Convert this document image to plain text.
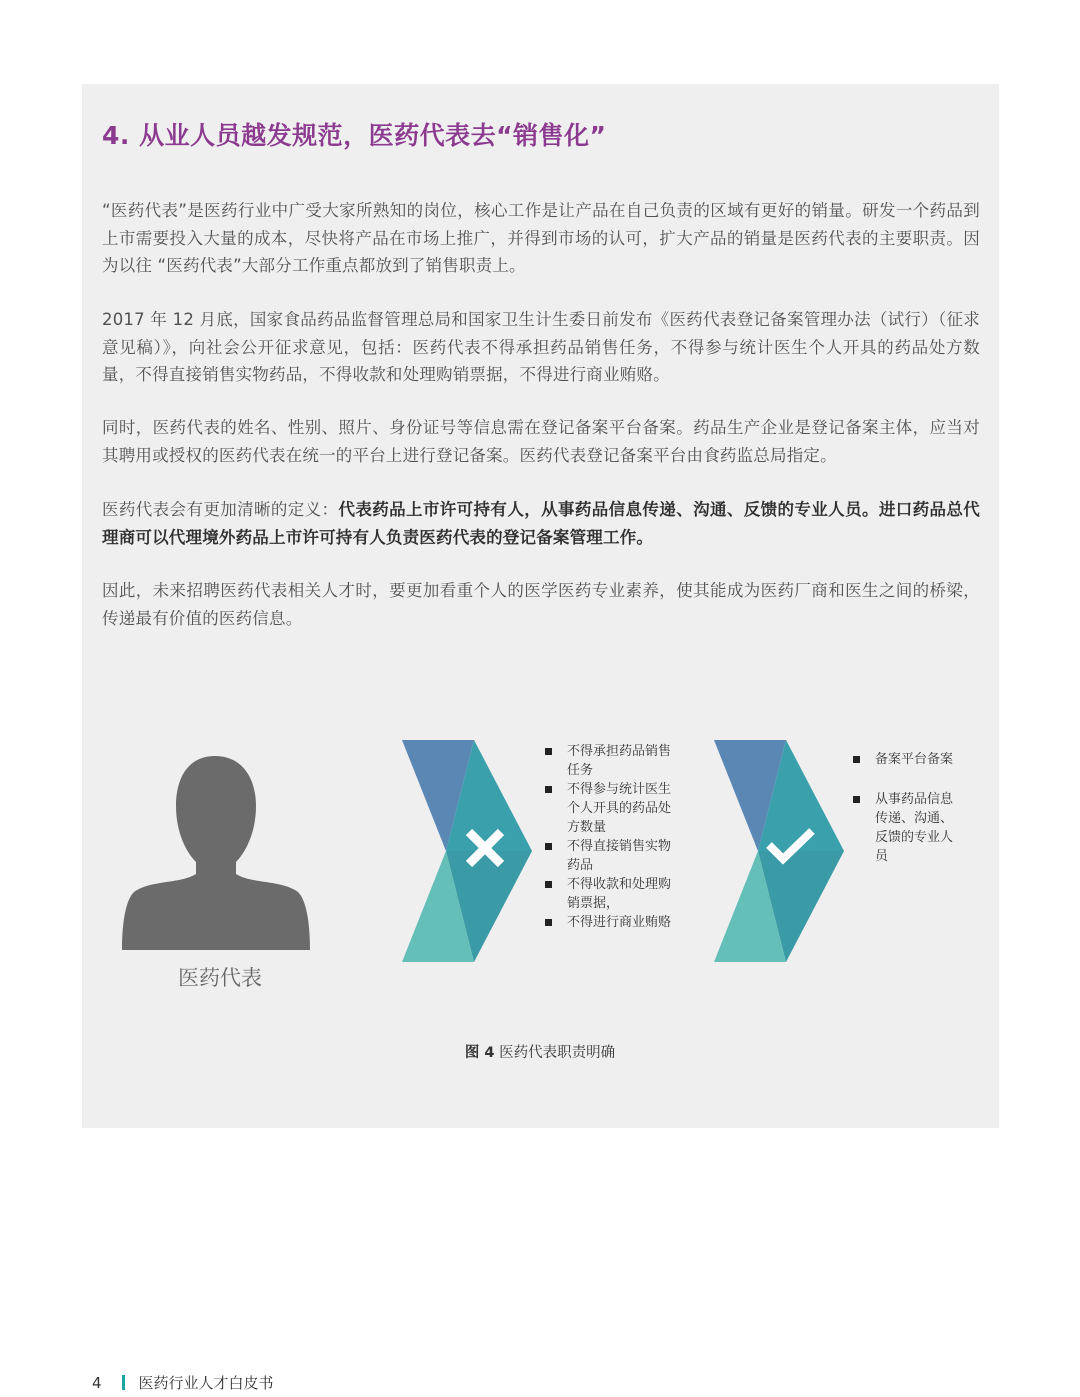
4. 从业人员越发规范，医药代表去“销售化”

“医药代表”是医药行业中广受大家所熟知的岗位，核心工作是让产品在自己负责的区域有更好的销量。研发一个药品到上市需要投入大量的成本，尽快将产品在市场上推广，并得到市场的认可，扩大产品的销量是医药代表的主要职责。因为以往 “医药代表”大部分工作重点都放到了销售职责上。

2017 年 12 月底，国家食品药品监督管理总局和国家卫生计生委日前发布《医药代表登记备案管理办法（试行）（征求意见稿）》，向社会公开征求意见，包括：医药代表不得承担药品销售任务，不得参与统计医生个人开具的药品处方数量，不得直接销售实物药品，不得收款和处理购销票据，不得进行商业贿赂。

同时，医药代表的姓名、性别、照片、身份证号等信息需在登记备案平台备案。药品生产企业是登记备案主体，应当对其聘用或授权的医药代表在统一的平台上进行登记备案。医药代表登记备案平台由食药监总局指定。

医药代表会有更加清晰的定义：代表药品上市许可持有人，从事药品信息传递、沟通、反馈的专业人员。进口药品总代理商可以代理境外药品上市许可持有人负责医药代表的登记备案管理工作。

因此，未来招聘医药代表相关人才时，要更加看重个人的医学医药专业素养，使其能成为医药厂商和医生之间的桥梁，传递最有价值的医药信息。

医药代表
不得承担药品销售任务
不得参与统计医生个人开具的药品处方数量
不得直接销售实物药品
不得收款和处理购销票据，
不得进行商业贿赂
备案平台备案
从事药品信息传递、沟通、反馈的专业人员
图 4 医药代表职责明确
4 医药行业人才白皮书
